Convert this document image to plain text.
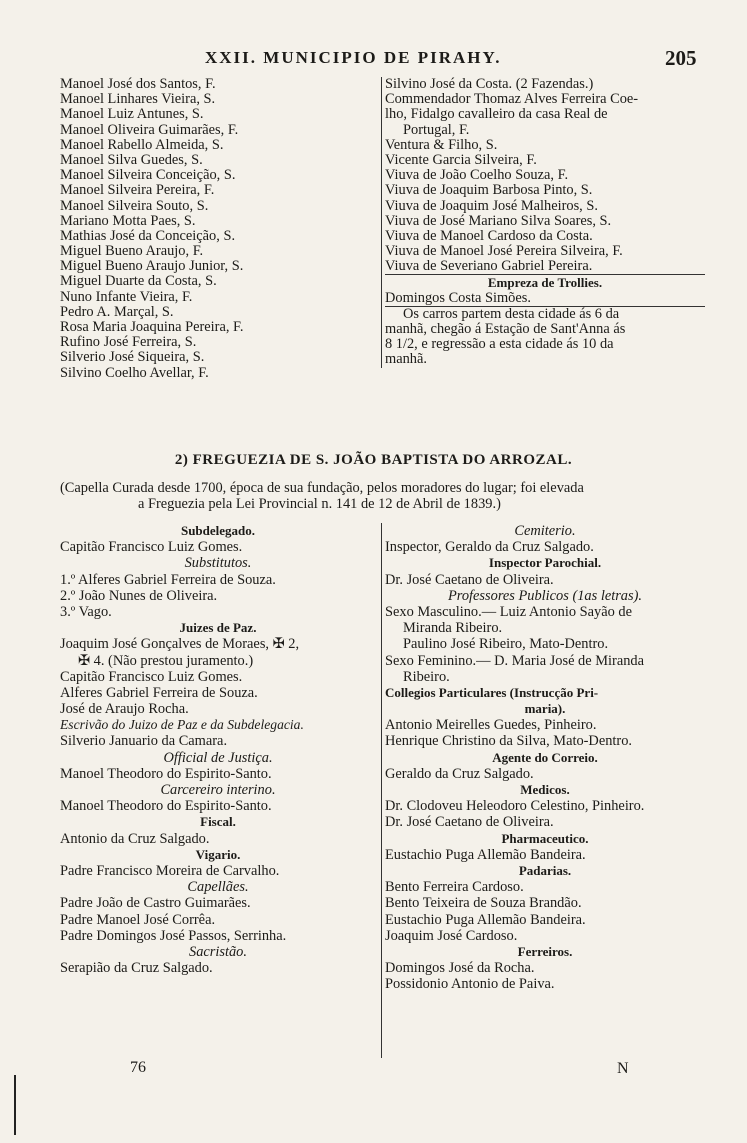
XXII. MUNICIPIO DE PIRAHY.	205
Manoel José dos Santos, F.
Manoel Linhares Vieira, S.
Manoel Luiz Antunes, S.
Manoel Oliveira Guimarães, F.
Manoel Rabello Almeida, S.
Manoel Silva Guedes, S.
Manoel Silveira Conceição, S.
Manoel Silveira Pereira, F.
Manoel Silveira Souto, S.
Mariano Motta Paes, S.
Mathias José da Conceição, S.
Miguel Bueno Araujo, F.
Miguel Bueno Araujo Junior, S.
Miguel Duarte da Costa, S.
Nuno Infante Vieira, F.
Pedro A. Marçal, S.
Rosa Maria Joaquina Pereira, F.
Rufino José Ferreira, S.
Silverio José Siqueira, S.
Silvino Coelho Avellar, F.
Silvino José da Costa. (2 Fazendas.)
Commendador Thomaz Alves Ferreira Coe-
lho, Fidalgo cavalleiro da casa Real de
Portugal, F.
Ventura & Filho, S.
Vicente Garcia Silveira, F.
Viuva de João Coelho Souza, F.
Viuva de Joaquim Barbosa Pinto, S.
Viuva de Joaquim José Malheiros, S.
Viuva de José Mariano Silva Soares, S.
Viuva de Manoel Cardoso da Costa.
Viuva de Manoel José Pereira Silveira, F.
Viuva de Severiano Gabriel Pereira.
Empreza de Trollies.
Domingos Costa Simões.
Os carros partem desta cidade ás 6 da
manhã, chegão á Estação de Sant'Anna ás
8 1/2, e regressão a esta cidade ás 10 da
manhã.
2) FREGUEZIA DE S. JOÃO BAPTISTA DO ARROZAL.
(Capella Curada desde 1700, época de sua fundação, pelos moradores do lugar; foi elevada
a Freguezia pela Lei Provincial n. 141 de 12 de Abril de 1839.)
Subdelegado.
Capitão Francisco Luiz Gomes.
Substitutos.
1.º Alferes Gabriel Ferreira de Souza.
2.º João Nunes de Oliveira.
3.º Vago.
Juizes de Paz.
Joaquim José Gonçalves de Moraes, ✠ 2,
✠ 4. (Não prestou juramento.)
Capitão Francisco Luiz Gomes.
Alferes Gabriel Ferreira de Souza.
José de Araujo Rocha.
Escrivão do Juizo de Paz e da Subdelegacia.
Silverio Januario da Camara.
Official de Justiça.
Manoel Theodoro do Espirito-Santo.
Carcereiro interino.
Manoel Theodoro do Espirito-Santo.
Fiscal.
Antonio da Cruz Salgado.
Vigario.
Padre Francisco Moreira de Carvalho.
Capellães.
Padre João de Castro Guimarães.
Padre Manoel José Corrêa.
Padre Domingos José Passos, Serrinha.
Sacristão.
Serapião da Cruz Salgado.
Cemiterio.
Inspector, Geraldo da Cruz Salgado.
Inspector Parochial.
Dr. José Caetano de Oliveira.
Professores Publicos (1as letras).
Sexo Masculino.— Luiz Antonio Sayão de
Miranda Ribeiro.
Paulino José Ribeiro, Mato-Dentro.
Sexo Feminino.— D. Maria José de Miranda
Ribeiro.
Collegios Particulares (Instrucção Pri-
maria).
Antonio Meirelles Guedes, Pinheiro.
Henrique Christino da Silva, Mato-Dentro.
Agente do Correio.
Geraldo da Cruz Salgado.
Medicos.
Dr. Clodoveu Heleodoro Celestino, Pinheiro.
Dr. José Caetano de Oliveira.
Pharmaceutico.
Eustachio Puga Allemão Bandeira.
Padarias.
Bento Ferreira Cardoso.
Bento Teixeira de Souza Brandão.
Eustachio Puga Allemão Bandeira.
Joaquim José Cardoso.
Ferreiros.
Domingos José da Rocha.
Possidonio Antonio de Paiva.
76	N
